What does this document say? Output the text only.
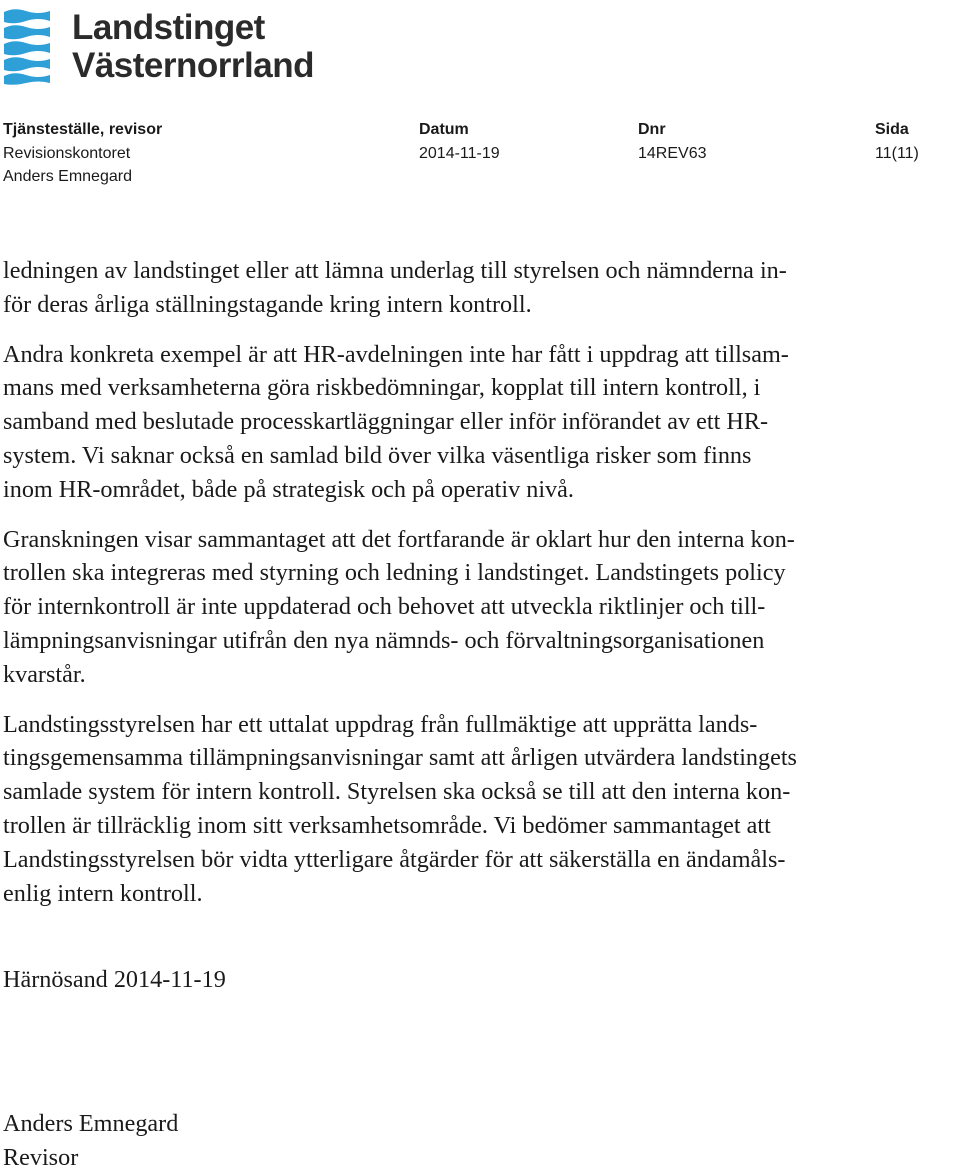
Landstinget
Västernorrland
Tjänsteställe, revisor
Revisionskontoret
Anders Emnegard
Datum
2014-11-19
Dnr
14REV63
Sida
11(11)

ledningen av landstinget eller att lämna underlag till styrelsen och nämnderna in-
för deras årliga ställningstagande kring intern kontroll.

Andra konkreta exempel är att HR-avdelningen inte har fått i uppdrag att tillsam-
mans med verksamheterna göra riskbedömningar, kopplat till intern kontroll, i
samband med beslutade processkartläggningar eller inför införandet av ett HR-
system. Vi saknar också en samlad bild över vilka väsentliga risker som finns
inom HR-området, både på strategisk och på operativ nivå.

Granskningen visar sammantaget att det fortfarande är oklart hur den interna kon-
trollen ska integreras med styrning och ledning i landstinget. Landstingets policy
för internkontroll är inte uppdaterad och behovet att utveckla riktlinjer och till-
lämpningsanvisningar utifrån den nya nämnds- och förvaltningsorganisationen
kvarstår.

Landstingsstyrelsen har ett uttalat uppdrag från fullmäktige att upprätta lands-
tingsgemensamma tillämpningsanvisningar samt att årligen utvärdera landstingets
samlade system för intern kontroll. Styrelsen ska också se till att den interna kon-
trollen är tillräcklig inom sitt verksamhetsområde. Vi bedömer sammantaget att
Landstingsstyrelsen bör vidta ytterligare åtgärder för att säkerställa en ändamåls-
enlig intern kontroll.

Härnösand 2014-11-19
Anders Emnegard
Revisor
